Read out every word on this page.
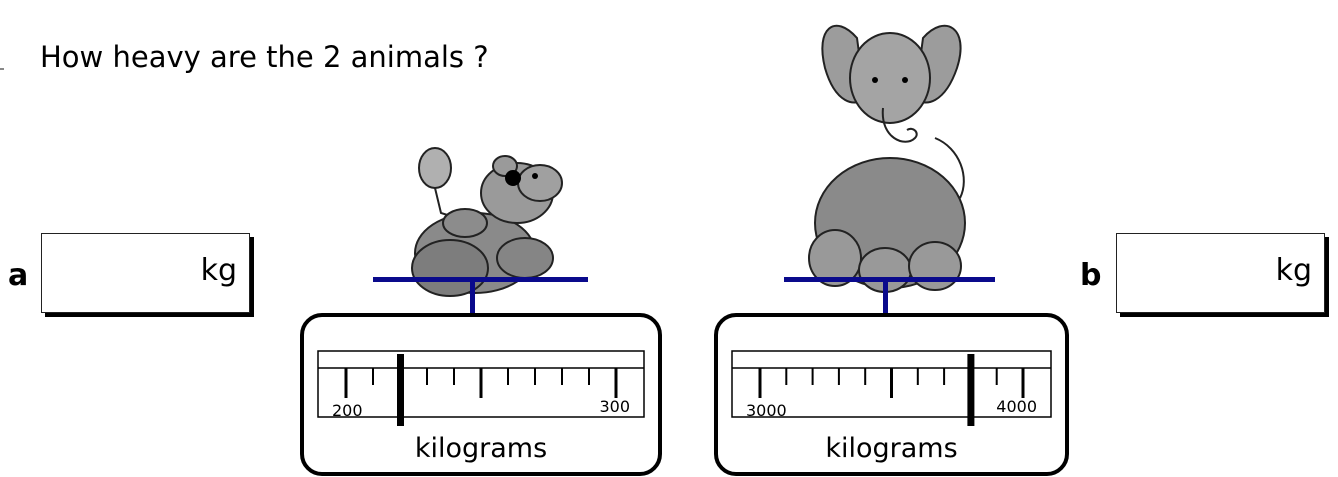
How heavy are the 2 animals ?
a	kg	b	kg
200	300
kilograms
3000	4000
kilograms
